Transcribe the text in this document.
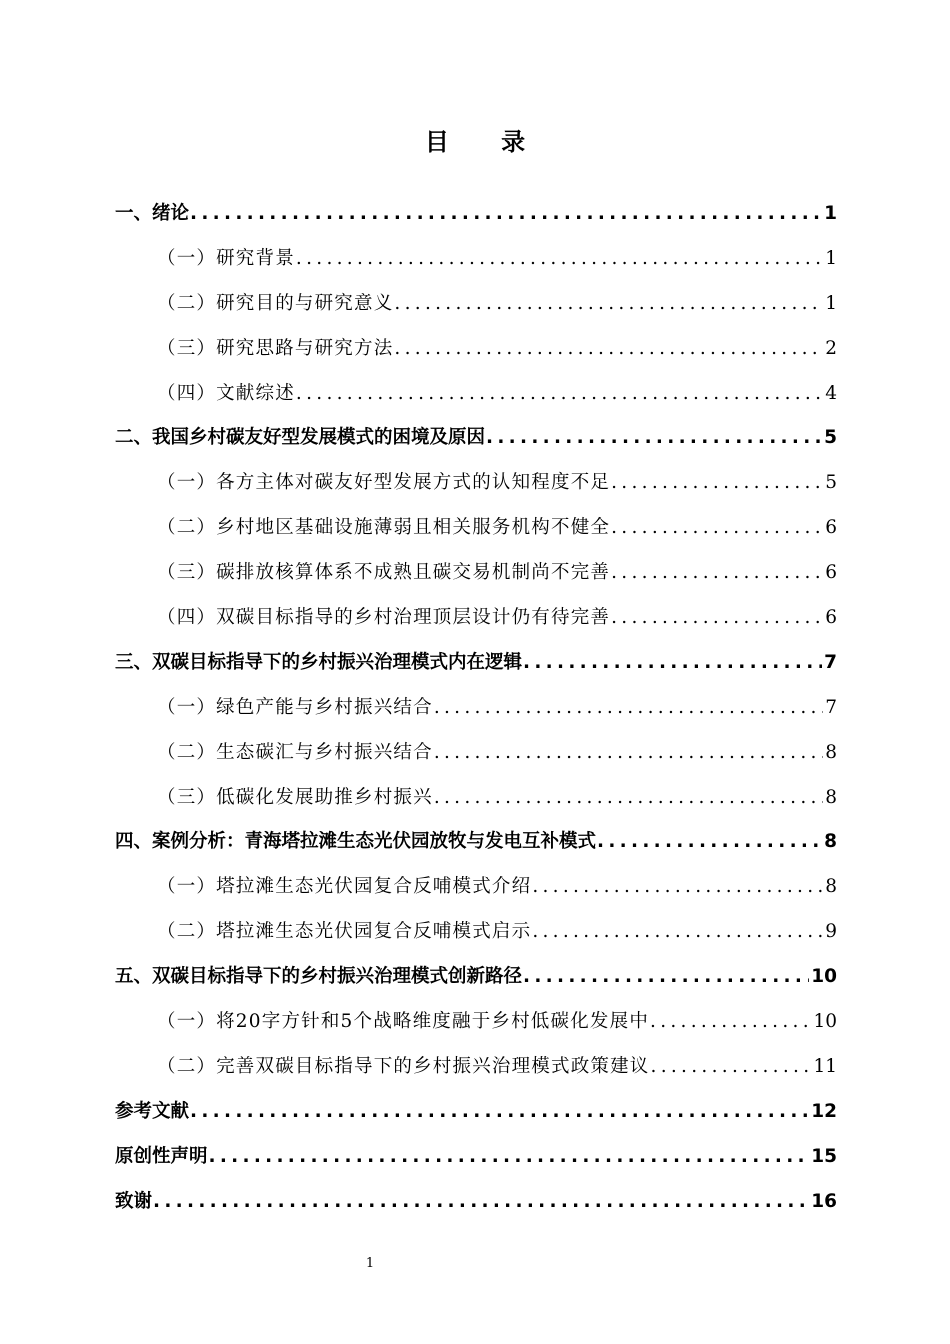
目 录
一、绪论 .....	1
（一）研究背景 .....	1
（二）研究目的与研究意义 .....	1
（三）研究思路与研究方法 .....	2
（四）文献综述 .....	4
二、我国乡村碳友好型发展模式的困境及原因 .....	5
（一）各方主体对碳友好型发展方式的认知程度不足 .....	5
（二）乡村地区基础设施薄弱且相关服务机构不健全 .....	6
（三）碳排放核算体系不成熟且碳交易机制尚不完善 .....	6
（四）双碳目标指导的乡村治理顶层设计仍有待完善 .....	6
三、双碳目标指导下的乡村振兴治理模式内在逻辑 .....	7
（一）绿色产能与乡村振兴结合 .....	7
（二）生态碳汇与乡村振兴结合 .....	8
（三）低碳化发展助推乡村振兴 .....	8
四、案例分析：青海塔拉滩生态光伏园放牧与发电互补模式 .....	8
（一）塔拉滩生态光伏园复合反哺模式介绍 .....	8
（二）塔拉滩生态光伏园复合反哺模式启示 .....	9
五、双碳目标指导下的乡村振兴治理模式创新路径 .....	10
（一）将20字方针和5个战略维度融于乡村低碳化发展中 .....	10
（二）完善双碳目标指导下的乡村振兴治理模式政策建议 .....	11
参考文献 .....	12
原创性声明 .....	15
致谢 .....	16
1
